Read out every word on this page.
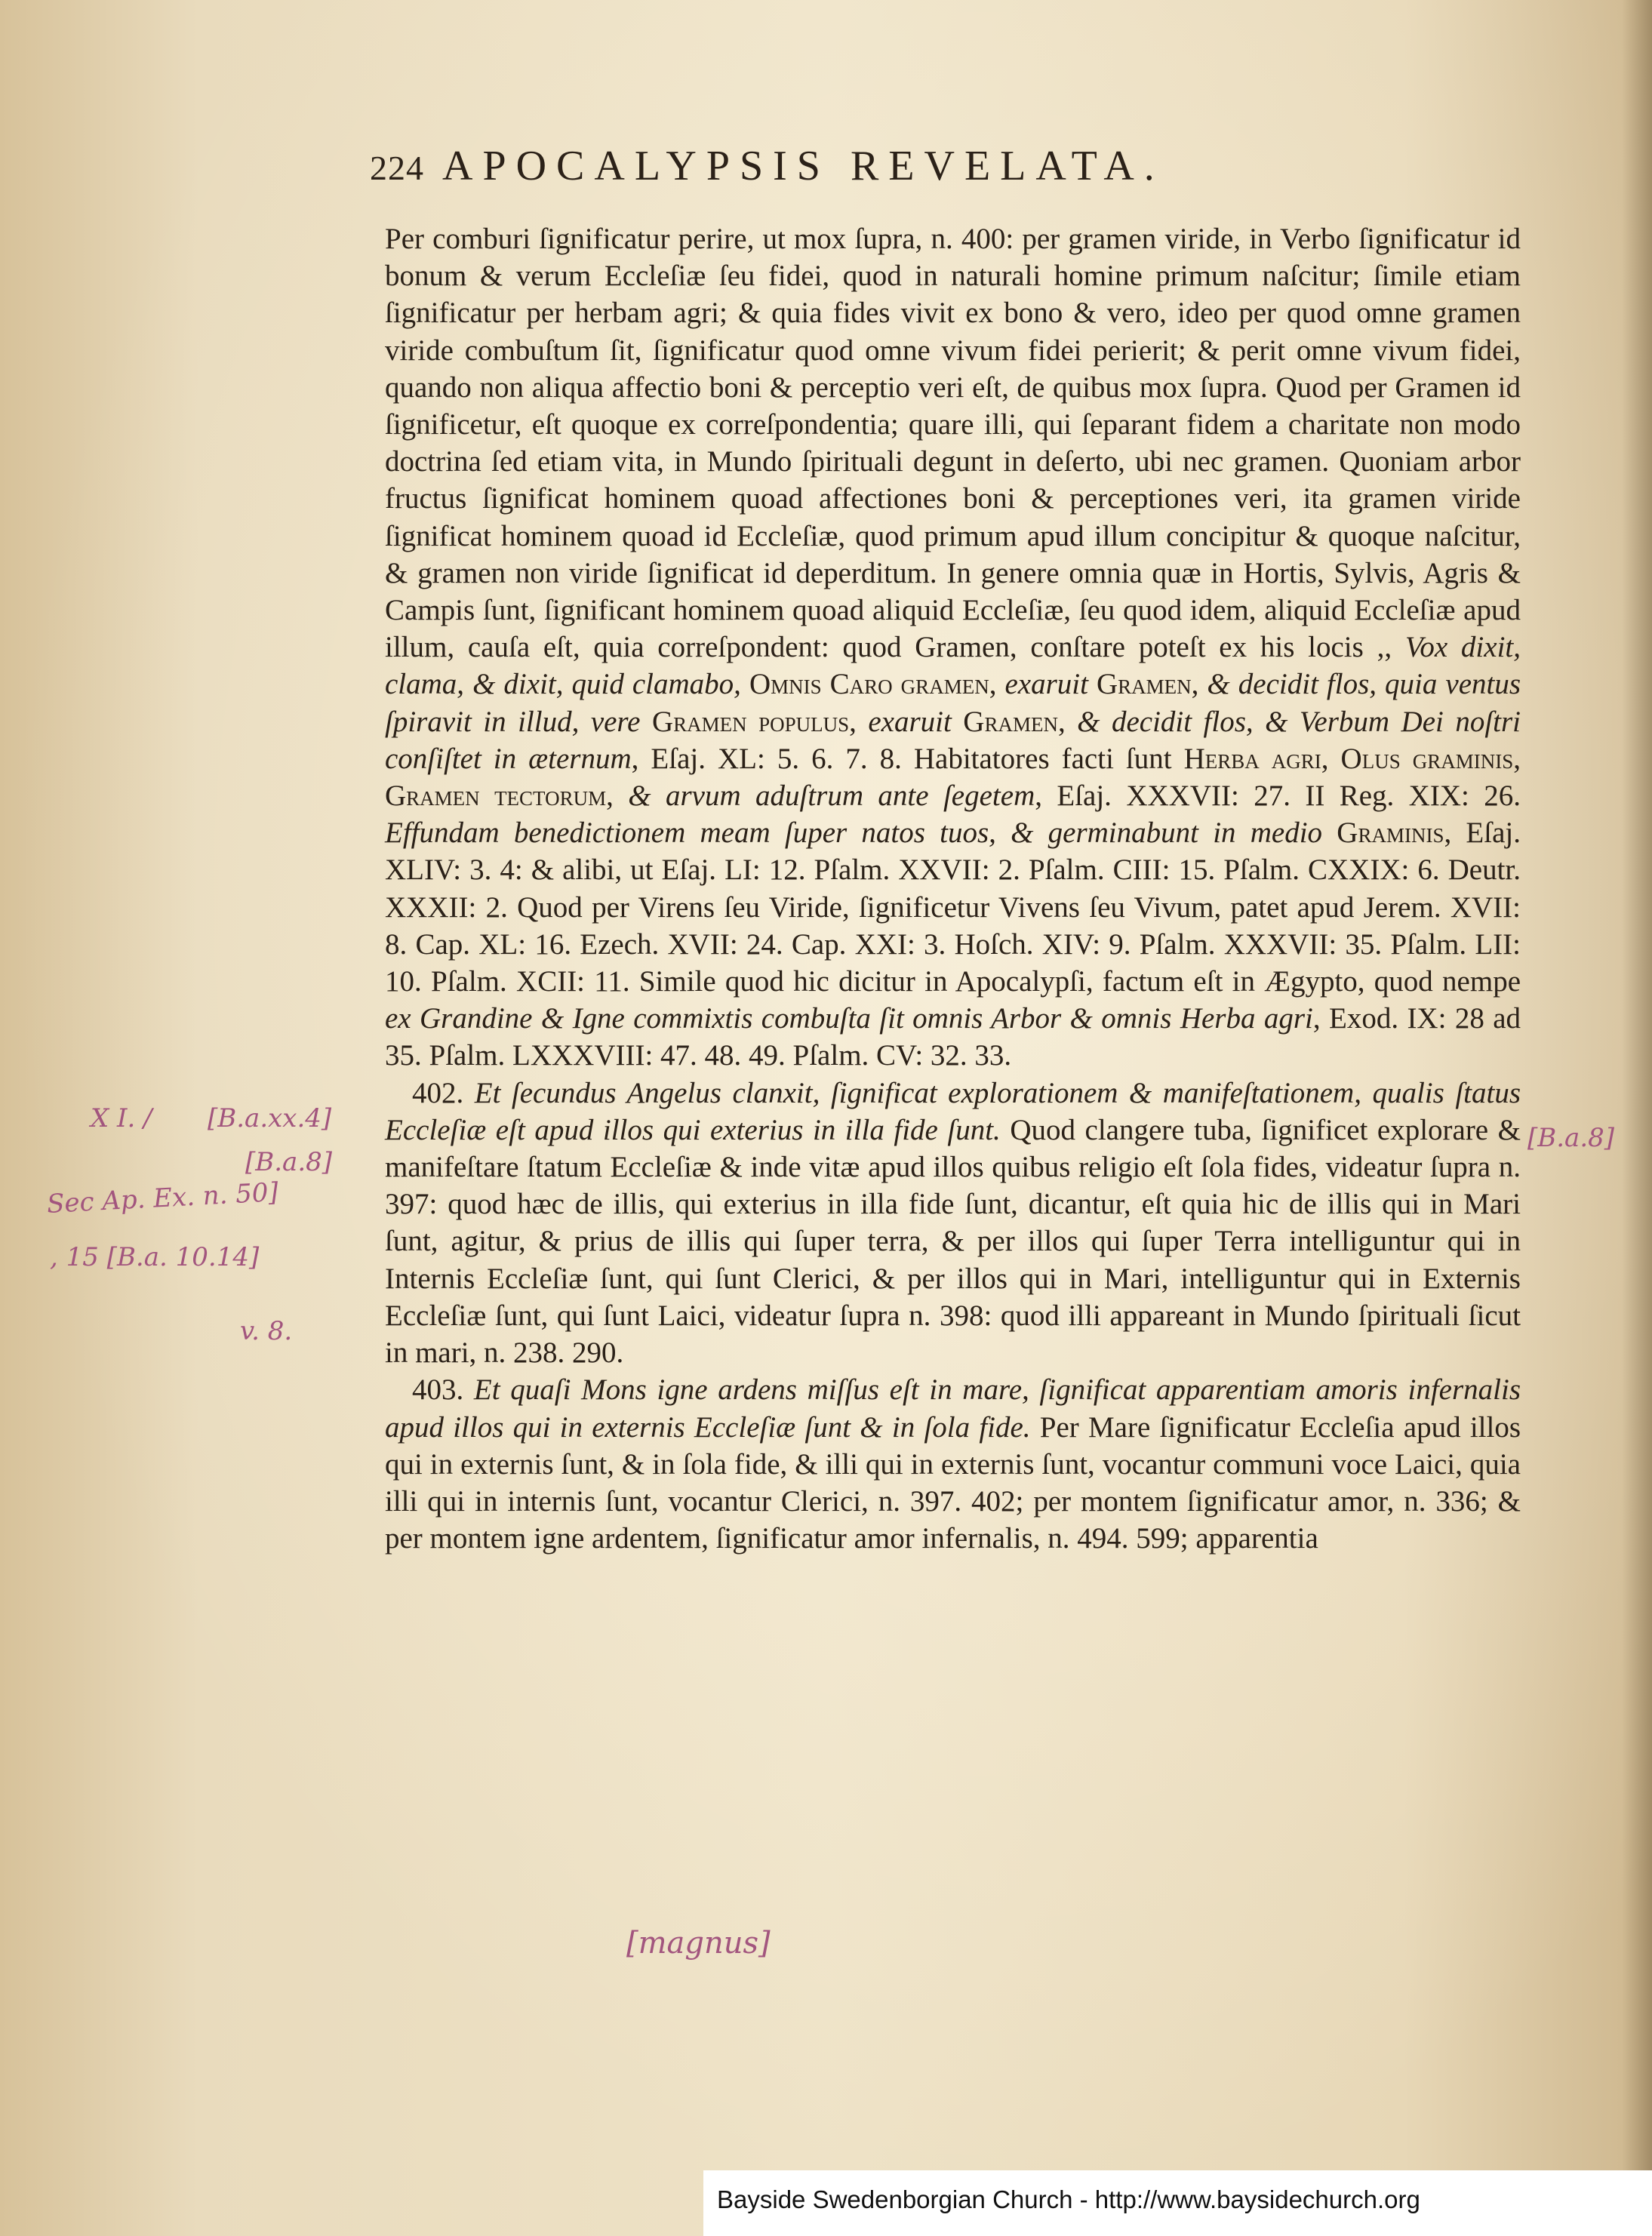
224 APOCALYPSIS REVELATA.

Per comburi ſignificatur perire, ut mox ſupra, n. 400: per gramen viride, in Verbo ſignificatur id bonum & verum Eccleſiæ ſeu fidei, quod in naturali homine primum naſcitur; ſimile etiam ſignificatur per herbam agri; & quia fides vivit ex bono & vero, ideo per quod omne gramen viride combuſtum ſit, ſignificatur quod omne vivum fidei perierit; & perit omne vivum fidei, quando non aliqua affectio boni & perceptio veri eſt, de quibus mox ſupra. Quod per Gramen id ſignificetur, eſt quoque ex correſpondentia; quare illi, qui ſeparant fidem a charitate non modo doctrina ſed etiam vita, in Mundo ſpirituali degunt in deſerto, ubi nec gramen. Quoniam arbor fructus ſignificat hominem quoad affectiones boni & perceptiones veri, ita gramen viride ſignificat hominem quoad id Eccleſiæ, quod primum apud illum concipitur & quoque naſcitur, & gramen non viride ſignificat id deperditum. In genere omnia quæ in Hortis, Sylvis, Agris & Campis ſunt, ſignificant hominem quoad aliquid Eccleſiæ, ſeu quod idem, aliquid Eccleſiæ apud illum, cauſa eſt, quia correſpondent: quod Gramen, conſtare poteſt ex his locis ,, Vox dixit, clama, & dixit, quid clamabo, Omnis Caro gramen, exaruit Gramen, & decidit flos, quia ventus ſpiravit in illud, vere Gramen populus, exaruit Gramen, & decidit flos, & Verbum Dei noſtri conſiſtet in æternum, Eſaj. XL: 5. 6. 7. 8. Habitatores facti ſunt Herba agri, Olus graminis, Gramen tectorum, & arvum aduſtrum ante ſegetem, Eſaj. XXXVII: 27. II Reg. XIX: 26. Effundam benedictionem meam ſuper natos tuos, & germinabunt in medio Graminis, Eſaj. XLIV: 3. 4: & alibi, ut Eſaj. LI: 12. Pſalm. XXVII: 2. Pſalm. CIII: 15. Pſalm. CXXIX: 6. Deutr. XXXII: 2. Quod per Virens ſeu Viride, ſignificetur Vivens ſeu Vivum, patet apud Jerem. XVII: 8. Cap. XL: 16. Ezech. XVII: 24. Cap. XXI: 3. Hoſch. XIV: 9. Pſalm. XXXVII: 35. Pſalm. LII: 10. Pſalm. XCII: 11. Simile quod hic dicitur in Apocalypſi, factum eſt in Ægypto, quod nempe ex Grandine & Igne commixtis combuſta ſit omnis Arbor & omnis Herba agri, Exod. IX: 28 ad 35. Pſalm. LXXXVIII: 47. 48. 49. Pſalm. CV: 32. 33.

402. Et ſecundus Angelus clanxit, ſignificat explorationem & manifeſtationem, qualis ſtatus Eccleſiæ eſt apud illos qui exterius in illa fide ſunt. Quod clangere tuba, ſignificet explorare & manifeſtare ſtatum Eccleſiæ & inde vitæ apud illos quibus religio eſt ſola fides, videatur ſupra n. 397: quod hæc de illis, qui exterius in illa fide ſunt, dicantur, eſt quia hic de illis qui in Mari ſunt, agitur, & prius de illis qui ſuper terra, & per illos qui ſuper Terra intelliguntur qui in Internis Eccleſiæ ſunt, qui ſunt Clerici, & per illos qui in Mari, intelliguntur qui in Externis Eccleſiæ ſunt, qui ſunt Laici, videatur ſupra n. 398: quod illi appareant in Mundo ſpirituali ſicut in mari, n. 238. 290.

403. Et quaſi Mons igne ardens miſſus eſt in mare, ſignificat apparentiam amoris infernalis apud illos qui in externis Eccleſiæ ſunt & in ſola fide. Per Mare ſignificatur Eccleſia apud illos qui in externis ſunt, & in ſola fide, & illi qui in externis ſunt, vocantur communi voce Laici, quia illi qui in internis ſunt, vocantur Clerici, n. 397. 402; per montem ſignificatur amor, n. 336; & per montem igne ardentem, ſignificatur amor infernalis, n. 494. 599; apparentia

X I. / [B.a.xx.4]
[B.a.8]
Sec Ap. Ex. n. 50]
, 15 [B.a. 10.14]
v. 8.
[B.a.8]
[magnus]
Bayside Swedenborgian Church - http://www.baysidechurch.org
